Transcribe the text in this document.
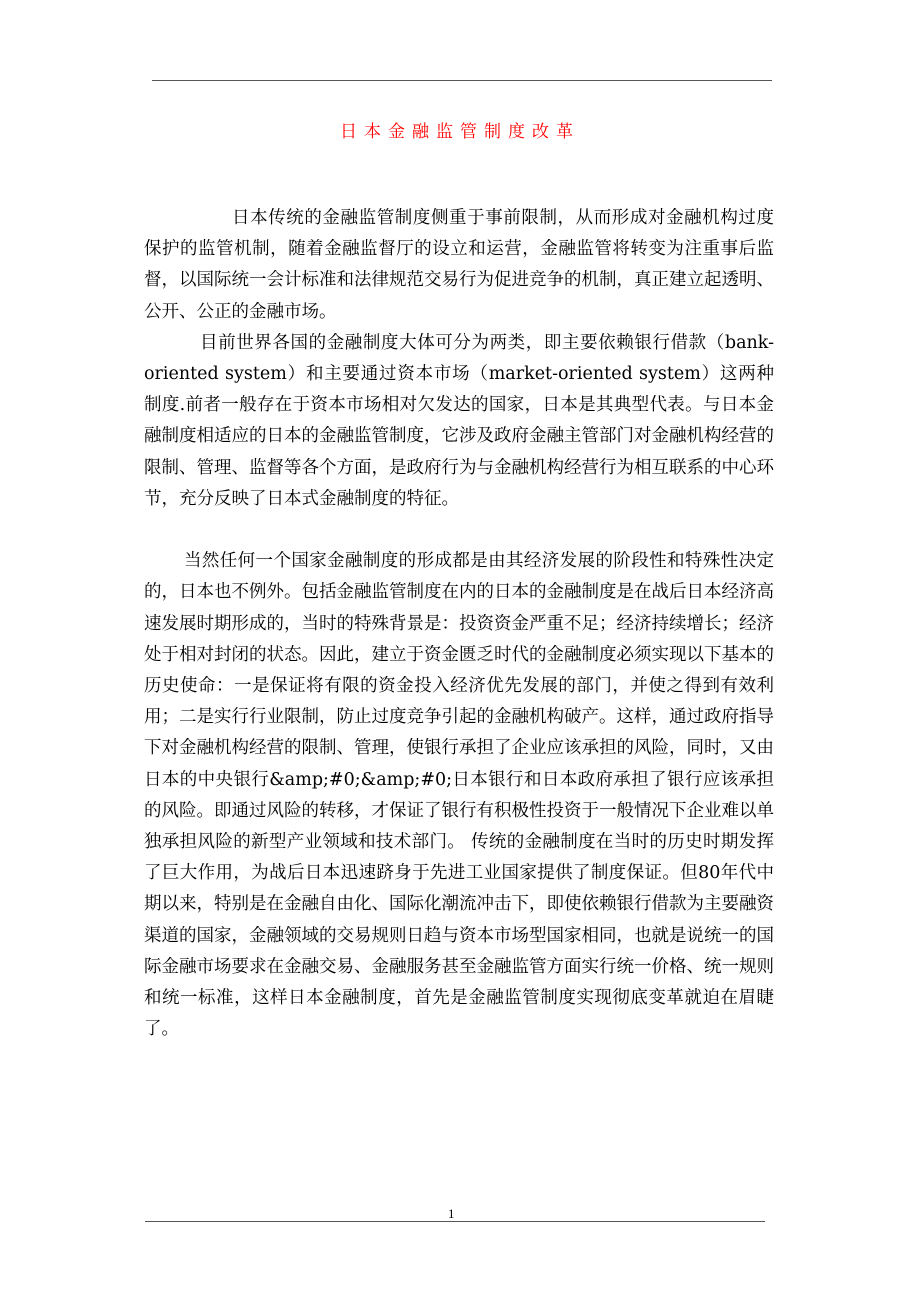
日本金融监管制度改革

日本传统的金融监管制度侧重于事前限制，从而形成对金融机构过度保护的监管机制，随着金融监督厅的设立和运营，金融监管将转变为注重事后监督，以国际统一会计标准和法律规范交易行为促进竞争的机制，真正建立起透明、公开、公正的金融市场。

目前世界各国的金融制度大体可分为两类，即主要依赖银行借款（bank-oriented system）和主要通过资本市场（market-oriented system）这两种制度.前者一般存在于资本市场相对欠发达的国家，日本是其典型代表。与日本金融制度相适应的日本的金融监管制度，它涉及政府金融主管部门对金融机构经营的限制、管理、监督等各个方面，是政府行为与金融机构经营行为相互联系的中心环节，充分反映了日本式金融制度的特征。

当然任何一个国家金融制度的形成都是由其经济发展的阶段性和特殊性决定的，日本也不例外。包括金融监管制度在内的日本的金融制度是在战后日本经济高速发展时期形成的，当时的特殊背景是：投资资金严重不足；经济持续增长；经济处于相对封闭的状态。因此，建立于资金匮乏时代的金融制度必须实现以下基本的历史使命：一是保证将有限的资金投入经济优先发展的部门，并使之得到有效利用；二是实行行业限制，防止过度竞争引起的金融机构破产。这样，通过政府指导下对金融机构经营的限制、管理，使银行承担了企业应该承担的风险，同时，又由日本的中央银行&amp;#0;&amp;#0;日本银行和日本政府承担了银行应该承担的风险。即通过风险的转移，才保证了银行有积极性投资于一般情况下企业难以单独承担风险的新型产业领域和技术部门。 传统的金融制度在当时的历史时期发挥了巨大作用，为战后日本迅速跻身于先进工业国家提供了制度保证。但80年代中期以来，特别是在金融自由化、国际化潮流冲击下，即使依赖银行借款为主要融资渠道的国家，金融领域的交易规则日趋与资本市场型国家相同，也就是说统一的国际金融市场要求在金融交易、金融服务甚至金融监管方面实行统一价格、统一规则和统一标准，这样日本金融制度，首先是金融监管制度实现彻底变革就迫在眉睫了。

1
